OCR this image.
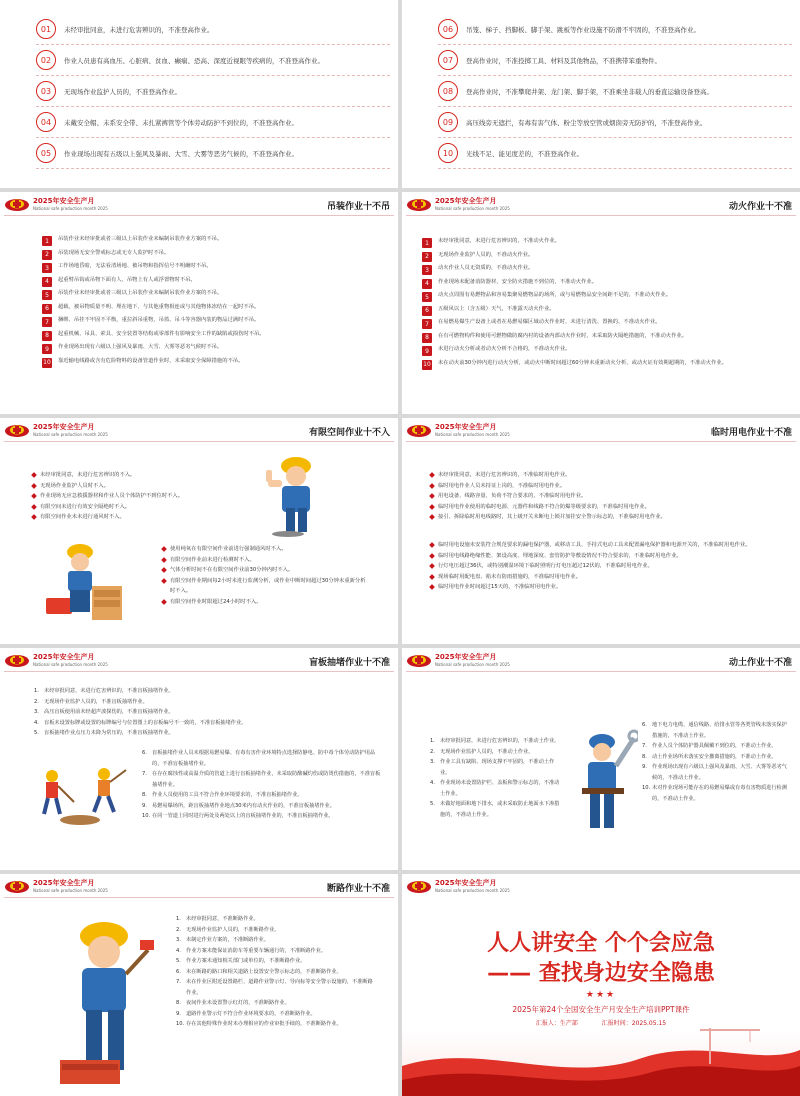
01	未经审批同意，未进行危害辨识的，不准登高作业。
02	作业人员患有高血压、心脏病、贫血、癫痫、恐高、深度近视眼等疾病的，不准登高作业。
03	无现场作业监护人员的，不准登高作业。
04	未戴安全帽、未系安全带、未扎紧裤管等个体劳动防护不到位的，不准登高作业。
05	作业现场出现有五级以上强风及暴雨、大雪、大雾等恶劣气候的，不准登高作业。
06	吊笼、梯子、挡脚板、脚手架、跳板等作业设施不防滑不牢固的，不准登高作业。
07	登高作业时，不准投掷工具、材料及其他物品，不准携带笨重物件。
08	登高作业时，不准攀爬井架、龙门架、脚手架，不准乘坐非载人的垂直运输设备登高。
09	高压线旁无遮拦，有毒有害气体、粉尘等放空管或烟囱旁无防护的，不准登高作业。
10	光线不足、能见度差的，不准登高作业。
2025年安全生产月
National safe production month 2025	吊装作业十不吊
1	吊装作业未经审批或者三级以上吊装作业未编制吊装作业方案的不吊。
2	吊装现场无安全警戒标志或无专人监护时不吊。
3	工作场地昏暗，无法看清场地、被吊物和指挥信号不明确时不吊。
4	起重臂吊钩或吊物下面有人、吊物上有人或浮置物时不吊。
5	吊装作业未经审批或者三级以上吊装作业未编制吊装作业方案的不吊。
6	超载，被吊物质量不明、埋在地下、与其他重物相连或与其他物体冻结在一起时不吊。
7	捆绑、吊挂不牢固不平衡，重拉斜吊重物，吊篮、吊斗等容器内装的物品过满时不吊。
8	起重机械、吊具、索具、安全装置等结构或零部件有影响安全工作的缺陷或损伤时不吊。
9	作业现场出现有六级以上强风及暴雨、大雪、大雾等恶劣气候时不吊。
10 靠近输电线路或含有危险物料的设备管道作业时，未采取安全保障措施的不吊。
2025年安全生产月
National safe production month 2025	动火作业十不准
1	未经审批同意，未进行危害辨识的，不准动火作业。
2	无现场作业监护人员的，不准动火作业。
3	动火作业人员无资质的，不准动火作业。
4	作业现场未配备消防器材，安全防火措施不到位的，不准动火作业。
5	动火点周围有易燃物品和容易集聚易燃物品的场所，或与易燃物品安全间距不足的，不准动火作业。
6	五级风以上（含五级）天气，不准露天动火作业。
7	在易燃易爆生产设备上或者在易燃易爆区域动火作业时，未进行清洗、置换的，不准动火作业。
8	在有可燃物构件和使用可燃物做防腐内衬的设备内部动火作业时，未采取防火隔绝措施的，不准动火作业。
9	未进行动火分析或者动火分析不合格的，不准动火作业。
10 未在动火前30分钟内进行动火分析，或动火中断时间超过60分钟未重新动火分析，或动火证有效期超期的，不准动火作业。
2025年安全生产月
National safe production month 2025	有限空间作业十不入
未经审批同意，未进行危害辨识的不入。
无现场作业监护人员时不入。
作业现场无应急救援器材和作业人员个体防护不到位时不入。
有限空间未进行有效安全隔绝时不入。
有限空间作业未未进行通风时不入。
使用纯氧在有限空间作业前进行强制通风时不入。
有限空间作业前未进行检测时不入。
气体分析时间不在有限空间作业前30分钟内时不入。
有限空间作业期间每2小时未进行监测分析，或作业中断时间超过30分钟未重新分析时不入。
有限空间作业时限超过24小时时不入。
2025年安全生产月
National safe production month 2025	临时用电作业十不准
未经审批同意，未进行危害辨识的，不准临时用电作业。
临时用电作业人员未持证上岗的，不准临时用电作业。
用电设备、线路容量、负荷不符合要求的，不准临时用电作业。
临时用电作业使用的临时电源、元器件和线路不符合防爆等级要求的，不准临时用电作业。
接引、拆除临时用电线路时，其上级开关未断电上锁并加挂安全警示标志的，不准临时用电作业。
临时用电设施未安装符合规范要求的漏电保护器，或移动工具、手持式电动工具未配置漏电保护器和电源开关的，不准临时用电作业。
临时用电线路绝缘性能、架设高度、埋地深度、套管防护等敷设情况不符合要求的，不准临时用电作业。
行灯电压超过36伏，或特别潮湿环境下临时照明行灯电压超过12伏的，不准临时用电作业。
现场临时用配电盘、箱未有防雨措施的，不准临时用电作业。
临时用电作业时间超过15天的，不准临时用电作业。
2025年安全生产月
National safe production month 2025	盲板抽堵作业十不准
1. 未经审批同意，未进行危害辨识的，不准盲板抽堵作业。
2. 无现场作业监护人员的，不准盲板抽堵作业。
3. 高压盲板使用前未经超声波探伤的，不准盲板抽堵作业。
4. 盲板未设置标牌或设置的标牌编号与位置图上的盲板编号不一致的，不准盲板抽堵作业。
5. 盲板抽堵作业点压力未降为常压的，不准盲板抽堵作业。
6. 盲板抽堵作业人员未根据易燃易爆、有毒有害作业环境特点选择防静电、防中毒个体劳动防护用品的，不准盲板抽堵作业。
7. 在存在腐蚀性或高温介质的管道上进行盲板抽堵作业，未采取防酸碱灼伤或防烫伤措施的，不准盲板抽堵作业。
8. 作业人员使用的工具不符合作业环境要求的，不准盲板抽堵作业。
9. 易燃易爆场所，距盲板抽堵作业地点30米内有动火作业的，不准盲板抽堵作业。
10. 在同一管道上同时进行两处及两处以上的盲板抽堵作业的，不准盲板抽堵作业。
2025年安全生产月
National safe production month 2025	动土作业十不准
1. 未经审批同意，未进行危害辨识的，不准动土作业。
2. 无现场作业监护人员的，不准动土作业。
3. 作业工具有缺陷、现场支撑不牢固的，不准动土作业。
4. 作业现场未设置防护栏、盖板和警示标志的，不准动土作业。
5. 未做好地面和地下排水，或未采取防止地面水下渗措施的，不准动土作业。
6. 地下电力电缆、通信线路、给排水管等各类管线未落实保护措施的，不准动土作业。
7. 作业人员个体防护器具佩戴不到位的，不准动土作业。
8. 动土作业场所未落实安全撤离措施的，不准动土作业。
9. 作业现场出现有六级以上强风及暴雨、大雪、大雾等恶劣气候的，不准动土作业。
10. 未对作业现场可能存在的易燃易爆或有毒有害物质进行检测的，不准动土作业。
2025年安全生产月
National safe production month 2025	断路作业十不准
1. 未经审批同意，不准断路作业。
2. 无现场作业监护人员的，不准断路作业。
3. 未制定作业方案的，不准断路作业。
4. 作业方案未能保证消防车等重要车辆通行的，不准断路作业。
5. 作业方案未通知相关部门或单位的，不准断路作业。
6. 未在断路的路口和相关道路上设置安全警示标志的，不准断路作业。
7. 未在作业区附近设置路栏、道路作业警示灯、导向标等安全警示设施的，不准断路作业。
8. 夜间作业未设置警示红灯的，不准断路作业。
9. 道路作业警示灯不符合作业环境要求的，不准断路作业。
10. 存在其他特殊作业时未办理相应的作业审批手续的，不准断路作业。
2025年安全生产月
National safe production month 2025
人人讲安全 个个会应急
—— 查找身边安全隐患
★★★
2025年第24个全国安全生产月安全生产培训PPT课件
汇报人：生产部	汇报时间：2025.05.15
